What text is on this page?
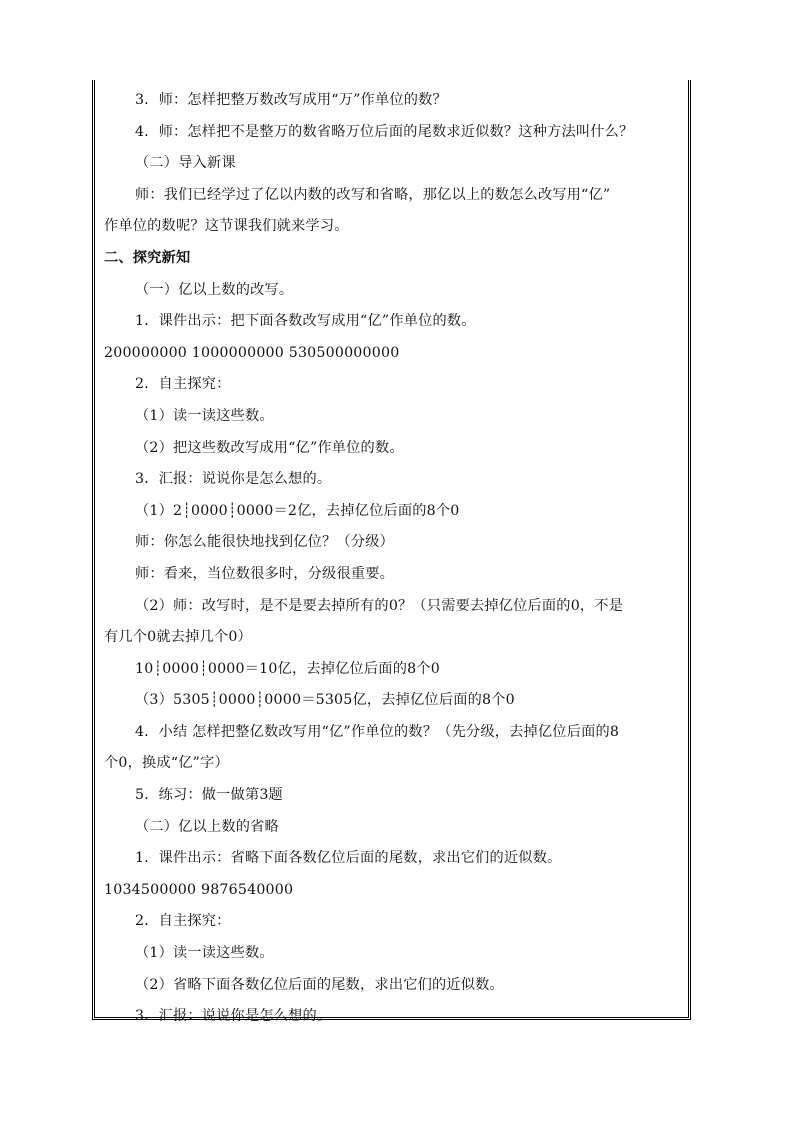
3．师：怎样把整万数改写成用“万”作单位的数？
4．师：怎样把不是整万的数省略万位后面的尾数求近似数？这种方法叫什么？
（二）导入新课
师：我们已经学过了亿以内数的改写和省略，那亿以上的数怎么改写用“亿”
作单位的数呢？这节课我们就来学习。
二、探究新知
（一）亿以上数的改写。
1．课件出示：把下面各数改写成用“亿”作单位的数。
200000000 1000000000 530500000000
2．自主探究：
（1）读一读这些数。
（2）把这些数改写成用“亿”作单位的数。
3．汇报：说说你是怎么想的。
（1）2┊0000┊0000＝2亿，去掉亿位后面的8个0
师：你怎么能很快地找到亿位？（分级）
师：看来，当位数很多时，分级很重要。
（2）师：改写时，是不是要去掉所有的0？（只需要去掉亿位后面的0，不是
有几个0就去掉几个0）
10┊0000┊0000＝10亿，去掉亿位后面的8个0
（3）5305┊0000┊0000＝5305亿，去掉亿位后面的8个0
4．小结 怎样把整亿数改写用“亿”作单位的数？（先分级，去掉亿位后面的8
个0，换成“亿”字）
5．练习：做一做第3题
（二）亿以上数的省略
1．课件出示：省略下面各数亿位后面的尾数，求出它们的近似数。
1034500000 9876540000
2．自主探究：
（1）读一读这些数。
（2）省略下面各数亿位后面的尾数，求出它们的近似数。
3．汇报：说说你是怎么想的。
